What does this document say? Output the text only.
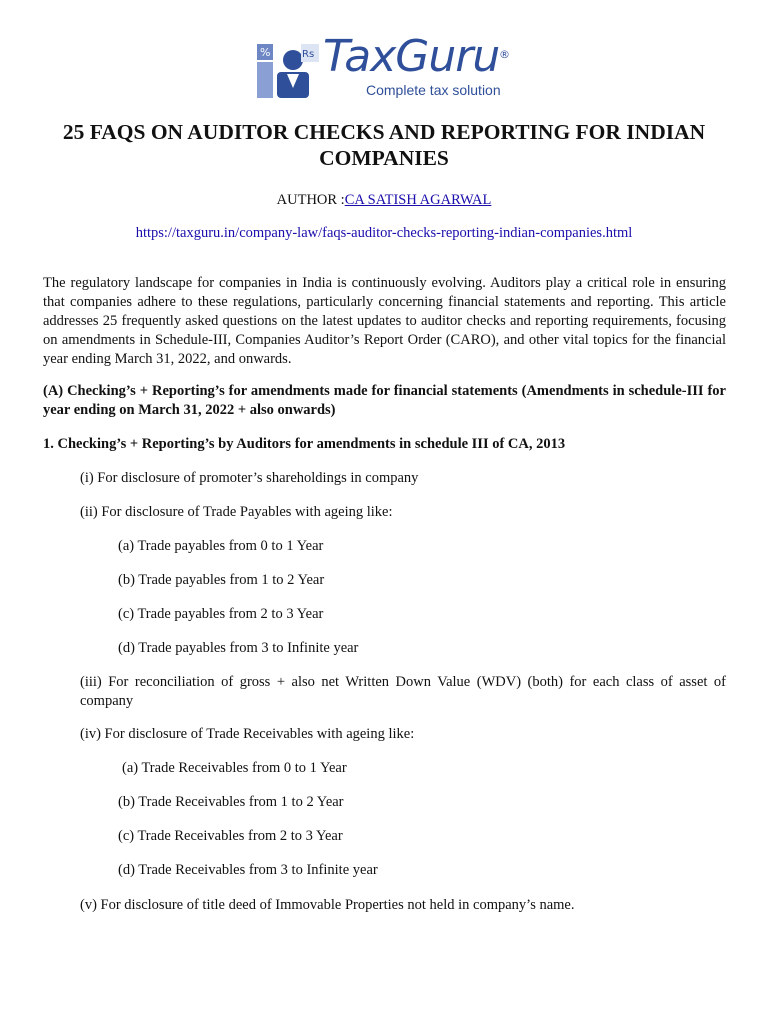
%	Rs TaxGuru ®
Complete tax solution
25 FAQS ON AUDITOR CHECKS AND REPORTING FOR INDIAN COMPANIES
AUTHOR :CA SATISH AGARWAL
https://taxguru.in/company-law/faqs-auditor-checks-reporting-indian-companies.html

The regulatory landscape for companies in India is continuously evolving. Auditors play a critical role in ensuring that companies adhere to these regulations, particularly concerning financial statements and reporting. This article addresses 25 frequently asked questions on the latest updates to auditor checks and reporting requirements, focusing on amendments in Schedule-III, Companies Auditor’s Report Order (CARO), and other vital topics for the financial year ending March 31, 2022, and onwards.

(A) Checking’s + Reporting’s for amendments made for financial statements (Amendments in schedule-III for year ending on March 31, 2022 + also onwards)

1. Checking’s + Reporting’s by Auditors for amendments in schedule III of CA, 2013

(i) For disclosure of promoter’s shareholdings in company

(ii) For disclosure of Trade Payables with ageing like:

(a) Trade payables from 0 to 1 Year

(b) Trade payables from 1 to 2 Year

(c) Trade payables from 2 to 3 Year

(d) Trade payables from 3 to Infinite year

(iii) For reconciliation of gross + also net Written Down Value (WDV) (both) for each class of asset of company

(iv) For disclosure of Trade Receivables with ageing like:

(a) Trade Receivables from 0 to 1 Year

(b) Trade Receivables from 1 to 2 Year

(c) Trade Receivables from 2 to 3 Year

(d) Trade Receivables from 3 to Infinite year

(v) For disclosure of title deed of Immovable Properties not held in company’s name.
